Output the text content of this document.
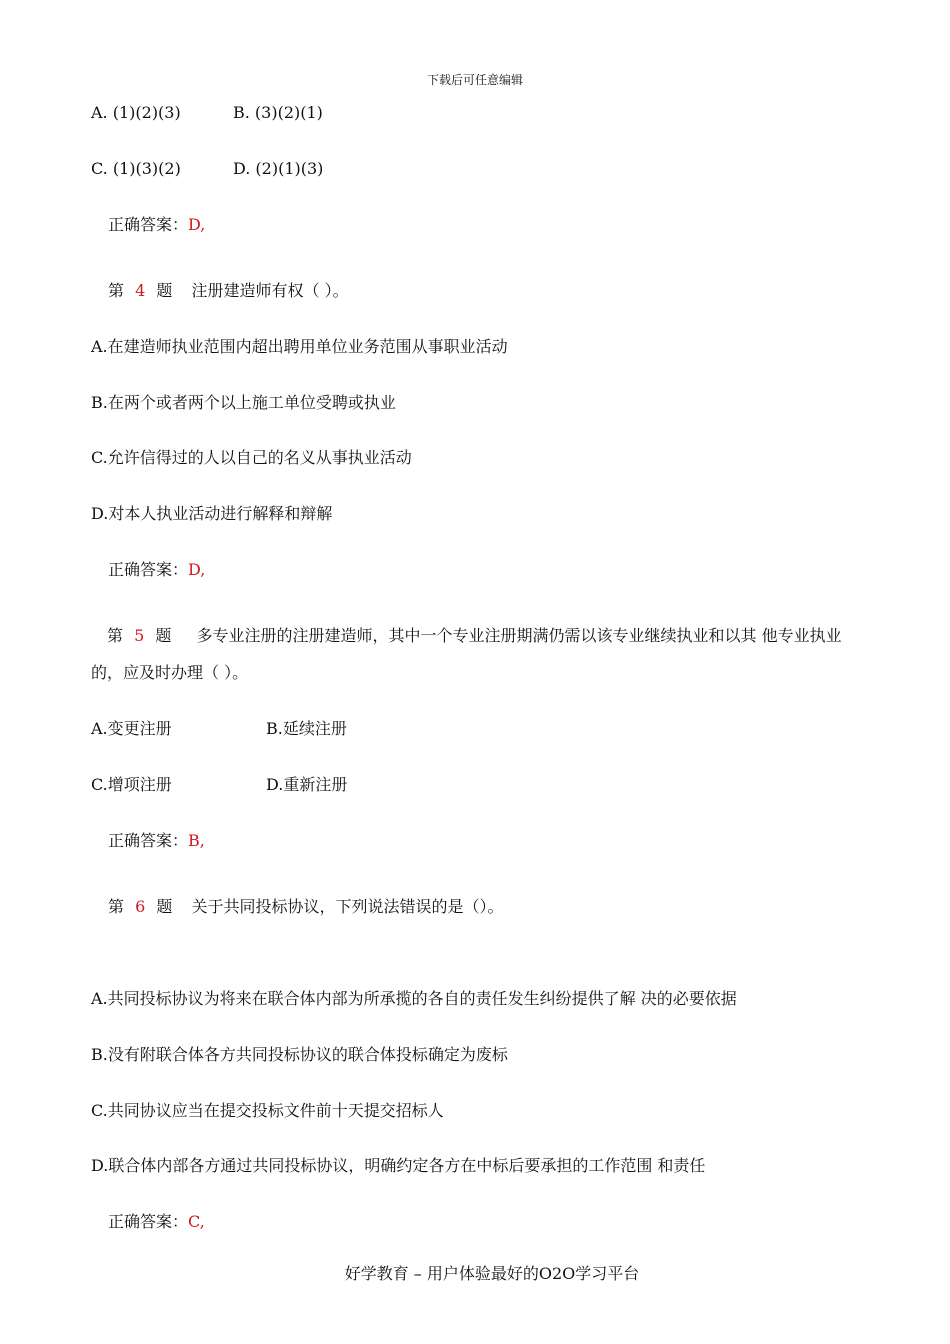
下载后可任意编辑
A. (1)(2)(3)	B. (3)(2)(1)
C. (1)(3)(2)	D. (2)(1)(3)
正确答案：D,
第 4 题 注册建造师有权（ ）。
A.在建造师执业范围内超出聘用单位业务范围从事职业活动
B.在两个或者两个以上施工单位受聘或执业
C.允许信得过的人以自己的名义从事执业活动
D.对本人执业活动进行解释和辩解
正确答案：D,
第 5 题 多专业注册的注册建造师，其中一个专业注册期满仍需以该专业继续执业和以其 他专业执业的，应及时办理（ ）。
A.变更注册	B.延续注册
C.增项注册	D.重新注册
正确答案：B,
第 6 题 关于共同投标协议，下列说法错误的是（）。
A.共同投标协议为将来在联合体内部为所承揽的各自的责任发生纠纷提供了解 决的必要依据
B.没有附联合体各方共同投标协议的联合体投标确定为废标
C.共同协议应当在提交投标文件前十天提交招标人
D.联合体内部各方通过共同投标协议，明确约定各方在中标后要承担的工作范围 和责任
正确答案：C,
好学教育 – 用户体验最好的O2O学习平台
